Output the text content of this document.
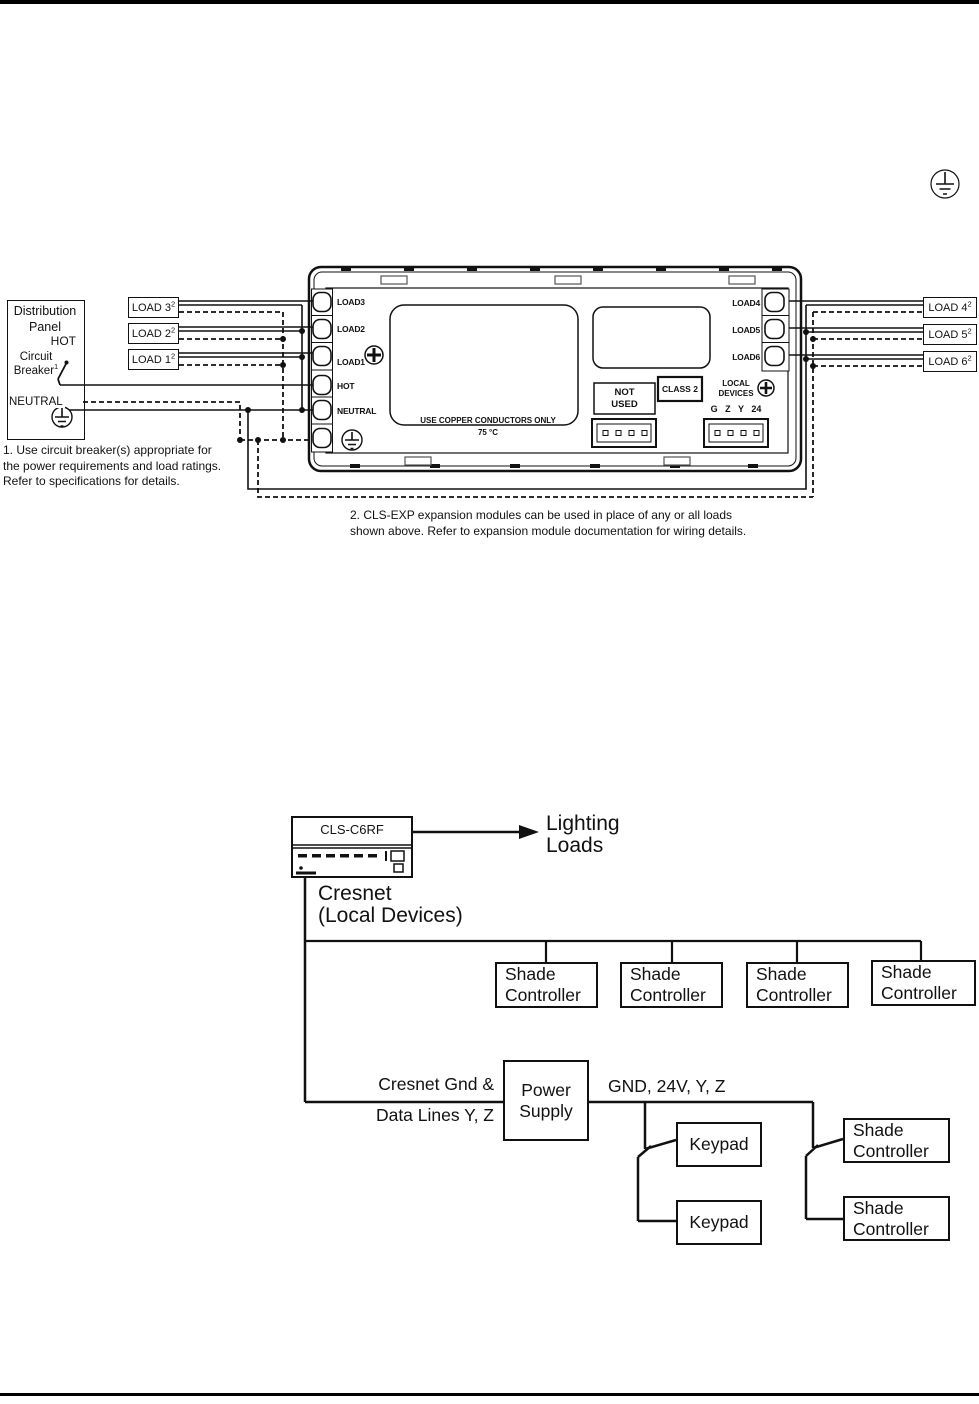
Distribution
Panel
HOT
Circuit
Breaker$^1$
NEUTRAL
LOAD $3^2$
LOAD $2^2$
LOAD $1^2$
LOAD $4^2$
LOAD $5^2$
LOAD $6^2$
LOAD3
LOAD2
LOAD1
HOT
NEUTRAL
LOAD4
LOAD5
LOAD6
USE COPPER CONDUCTORS ONLY
75 °C
NOT
USED
CLASS 2
LOCAL
DEVICES
G Z Y 24
1. Use circuit breaker(s) appropriate for
the power requirements and load ratings.
Refer to specifications for details.
2. CLS-EXP expansion modules can be used in place of any or all loads
shown above. Refer to expansion module documentation for wiring details.
CLS-C6RF	Lighting
Loads
Cresnet
(Local Devices)
Shade
Controller
Shade
Controller
Shade
Controller
Shade
Controller
Power
Supply
Cresnet Gnd &
Data Lines Y, Z
GND, 24V, Y, Z
Keypad
Keypad
Shade
Controller
Shade
Controller
